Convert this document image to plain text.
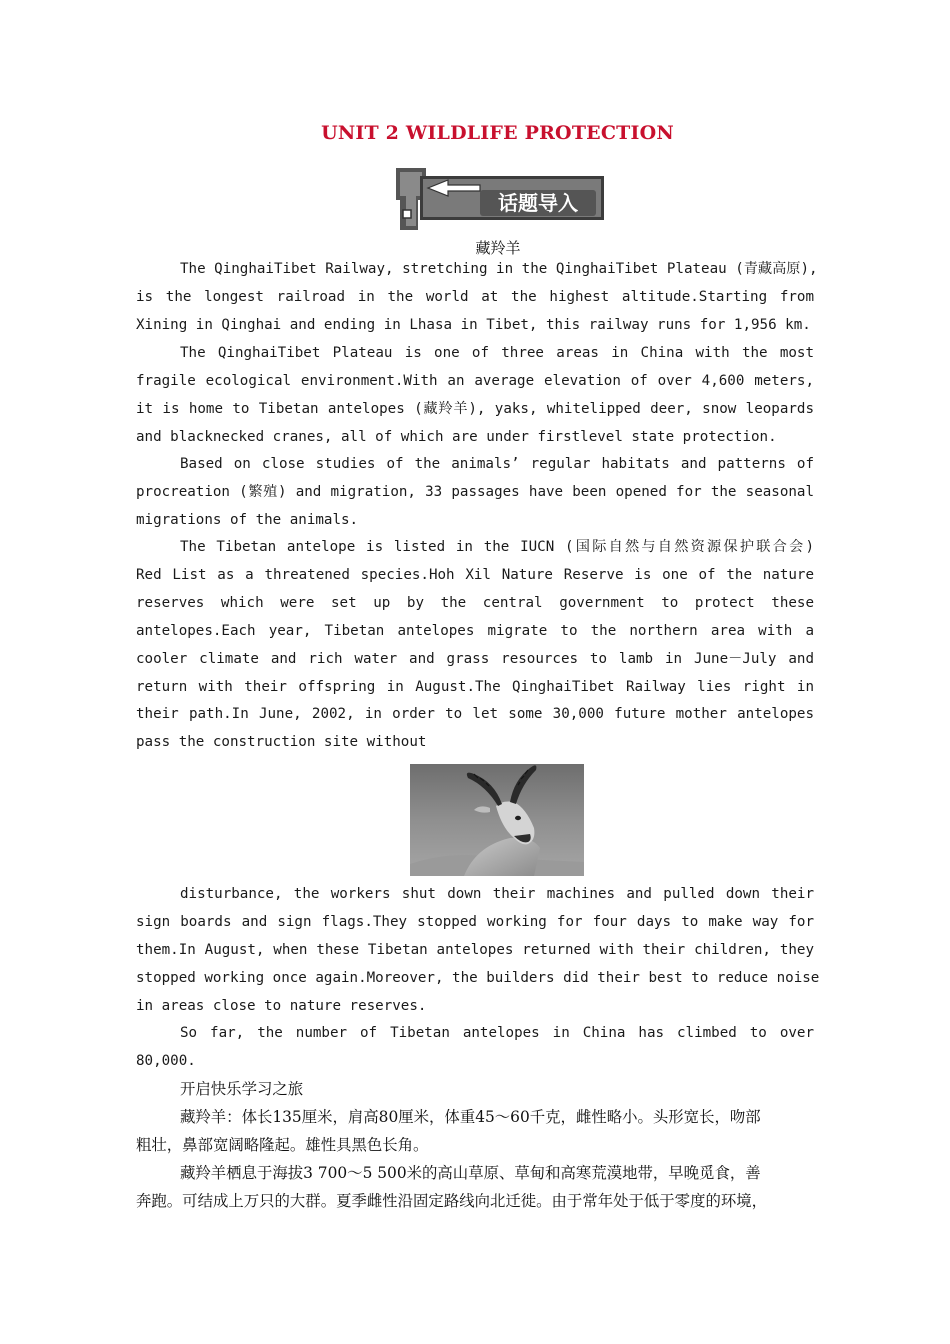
UNIT 2 WILDLIFE PROTECTION
话题导入
藏羚羊
The QinghaiTibet Railway, stretching in the QinghaiTibet Plateau (青藏高原),
is the longest railroad in the world at the highest altitude.Starting from
Xining in Qinghai and ending in Lhasa in Tibet, this railway runs for 1,956 km.
The QinghaiTibet Plateau is one of three areas in China with the most
fragile ecological environment.With an average elevation of over 4,600 meters,
it is home to Tibetan antelopes (藏羚羊), yaks, whitelipped deer, snow leopards
and blacknecked cranes, all of which are under firstlevel state protection.
Based on close studies of the animals’ regular habitats and patterns of
procreation (繁殖) and migration, 33 passages have been opened for the seasonal
migrations of the animals.
The Tibetan antelope is listed in the IUCN (国际自然与自然资源保护联合会)
Red List as a threatened species.Hoh Xil Nature Reserve is one of the nature
reserves which were set up by the central government to protect these
antelopes.Each year, Tibetan antelopes migrate to the northern area with a
cooler climate and rich water and grass resources to lamb in June－July and
return with their offspring in August.The QinghaiTibet Railway lies right in
their path.In June, 2002, in order to let some 30,000 future mother antelopes
pass the construction site without
disturbance, the workers shut down their machines and pulled down their
sign boards and sign flags.They stopped working for four days to make way for
them.In August, when these Tibetan antelopes returned with their children, they
stopped working once again.Moreover, the builders did their best to reduce noise
in areas close to nature reserves.
So far, the number of Tibetan antelopes in China has climbed to over
80,000.
开启快乐学习之旅
藏羚羊：体长135厘米，肩高80厘米，体重45～60千克，雌性略小。头形宽长，吻部
粗壮，鼻部宽阔略隆起。雄性具黑色长角。
藏羚羊栖息于海拔3 700～5 500米的高山草原、草甸和高寒荒漠地带，早晚觅食，善
奔跑。可结成上万只的大群。夏季雌性沿固定路线向北迁徙。由于常年处于低于零度的环境，
